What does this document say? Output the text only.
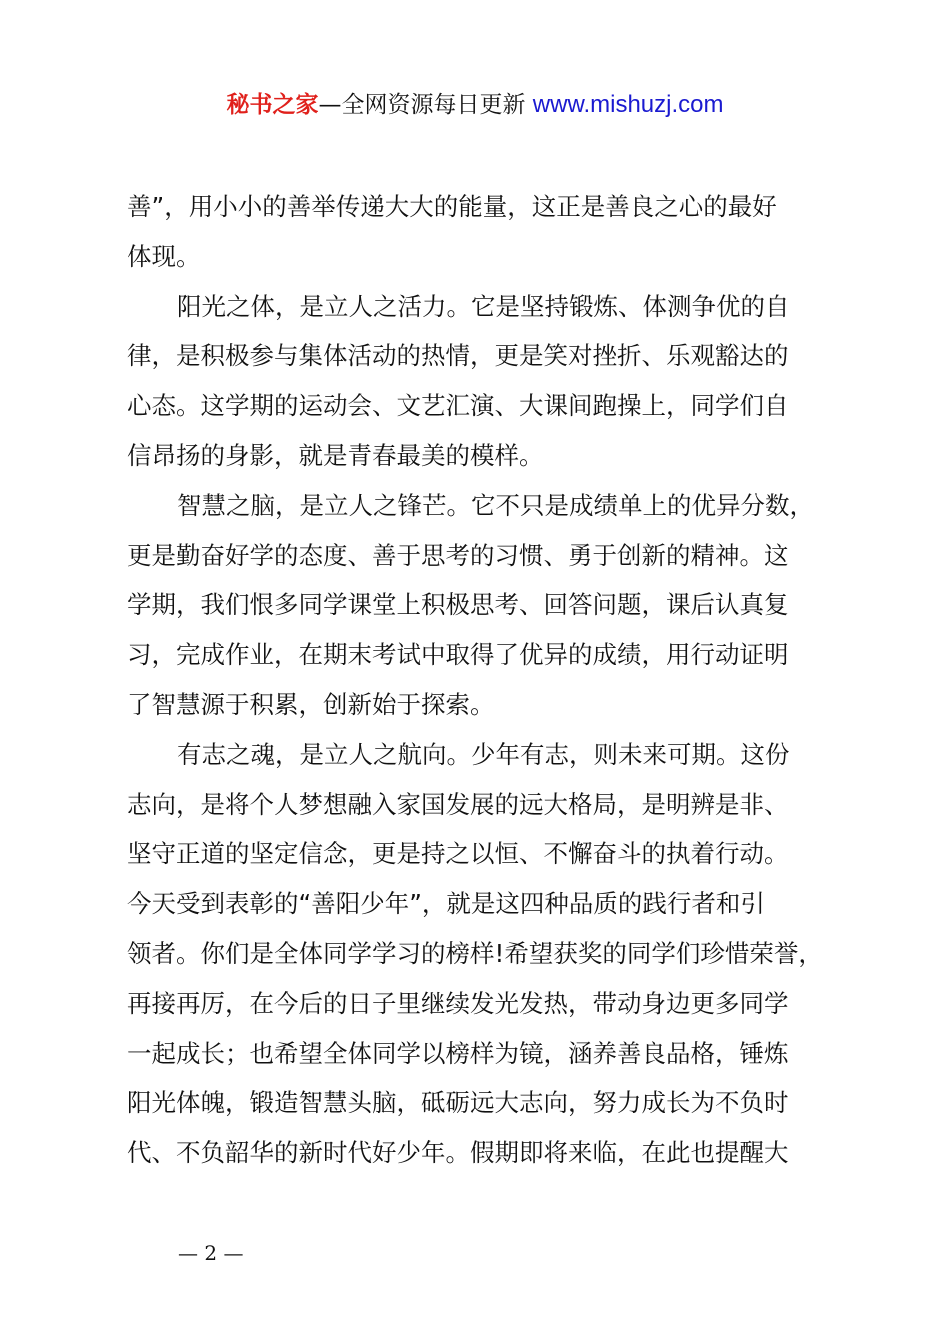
秘书之家—全网资源每日更新 www.mishuzj.com
善”，用小小的善举传递大大的能量，这正是善良之心的最好
体现。
阳光之体，是立人之活力。它是坚持锻炼、体测争优的自
律，是积极参与集体活动的热情，更是笑对挫折、乐观豁达的
心态。这学期的运动会、文艺汇演、大课间跑操上，同学们自
信昂扬的身影，就是青春最美的模样。
智慧之脑，是立人之锋芒。它不只是成绩单上的优异分数，
更是勤奋好学的态度、善于思考的习惯、勇于创新的精神。这
学期，我们恨多同学课堂上积极思考、回答问题，课后认真复
习，完成作业，在期末考试中取得了优异的成绩，用行动证明
了智慧源于积累，创新始于探索。
有志之魂，是立人之航向。少年有志，则未来可期。这份
志向，是将个人梦想融入家国发展的远大格局，是明辨是非、
坚守正道的坚定信念，更是持之以恒、不懈奋斗的执着行动。
今天受到表彰的“善阳少年”，就是这四种品质的践行者和引
领者。你们是全体同学学习的榜样!希望获奖的同学们珍惜荣誉，
再接再厉，在今后的日子里继续发光发热，带动身边更多同学
一起成长；也希望全体同学以榜样为镜，涵养善良品格，锤炼
阳光体魄，锻造智慧头脑，砥砺远大志向，努力成长为不负时
代、不负韶华的新时代好少年。假期即将来临，在此也提醒大
— 2 —
